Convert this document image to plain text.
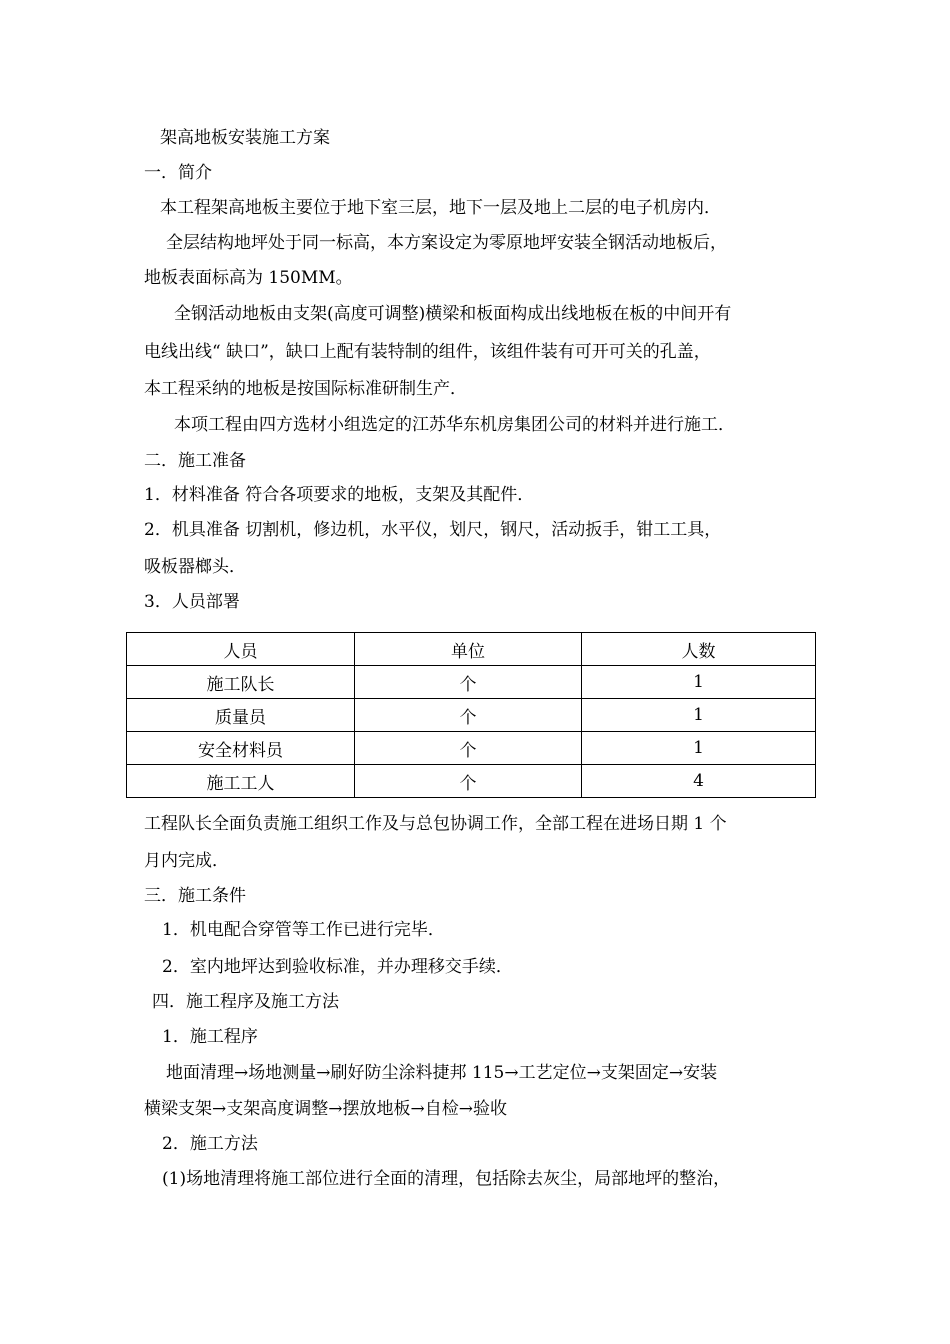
架高地板安装施工方案
一．简介
本工程架高地板主要位于地下室三层，地下一层及地上二层的电子机房内．
全层结构地坪处于同一标高，本方案设定为零原地坪安装全钢活动地板后，
地板表面标高为 150MM。
全钢活动地板由支架(高度可调整)横梁和板面构成出线地板在板的中间开有
电线出线“ 缺口”，缺口上配有装特制的组件，该组件装有可开可关的孔盖，
本工程采纳的地板是按国际标准研制生产．
本项工程由四方选材小组选定的江苏华东机房集团公司的材料并进行施工．
二．施工准备
1．材料准备 符合各项要求的地板，支架及其配件．
2．机具准备 切割机，修边机，水平仪，划尺，钢尺，活动扳手，钳工工具，
吸板器榔头．
3．人员部署
人员	单位	人数
施工队长	个	1
质量员	个	1
安全材料员	个	1
施工工人	个	4
工程队长全面负责施工组织工作及与总包协调工作，全部工程在进场日期 1 个
月内完成．
三．施工条件
1．机电配合穿管等工作已进行完毕．
2．室内地坪达到验收标准，并办理移交手续．
四．施工程序及施工方法
1．施工程序
地面清理→场地测量→刷好防尘涂料捷邦 115→工艺定位→支架固定→安装
横梁支架→支架高度调整→摆放地板→自检→验收
2．施工方法
(1)场地清理将施工部位进行全面的清理，包括除去灰尘，局部地坪的整治，
